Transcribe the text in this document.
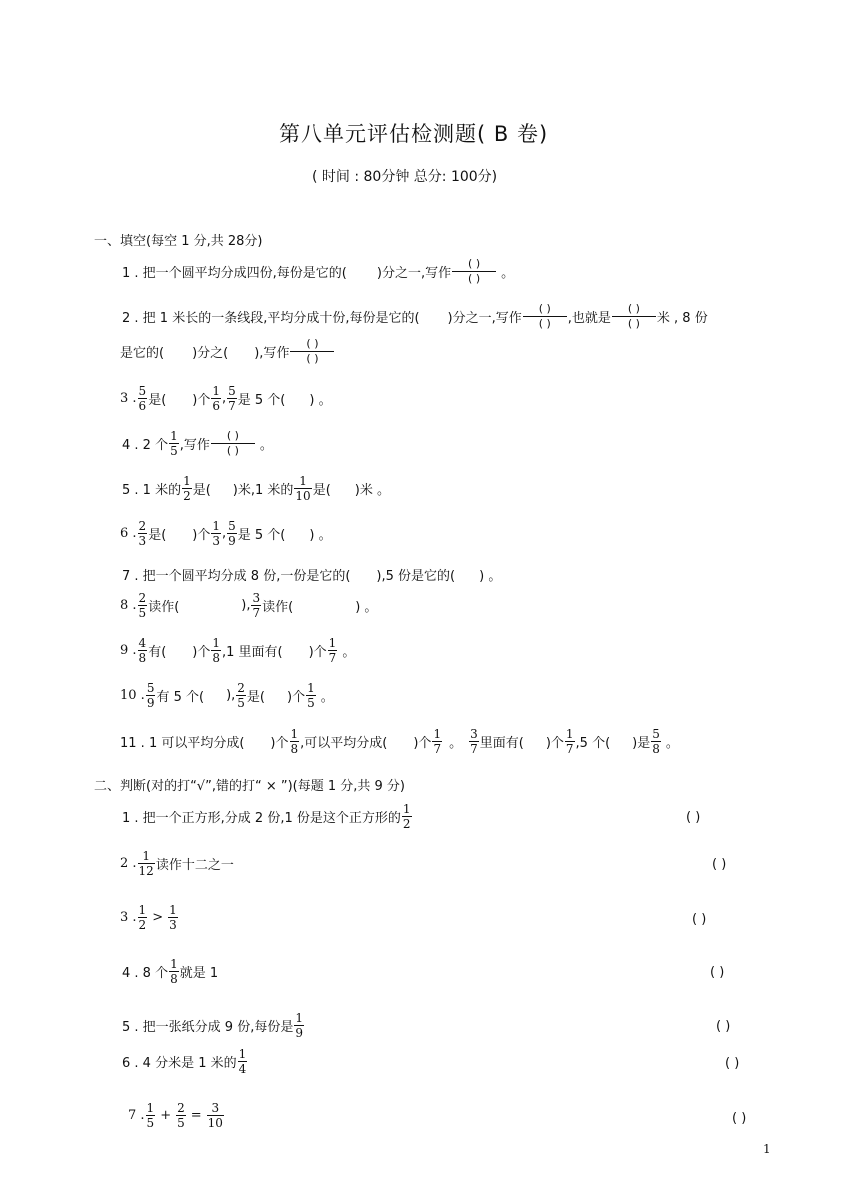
第八单元评估检测题( B 卷)
( 时间 : 80分钟 总分: 100分)
一、填空(每空 1 分,共 28分)
1 . 把一个圆平均分成四份,每份是它的( )分之一,写作
( )
( ) 。
2 . 把 1 米长的一条线段,平均分成十份,每份是它的( )分之一,写作
( )
( ) ,也就是
( )
( ) 米 , 8 份
是它的( )分之( ),写作
( )
( )
3 . $\frac{5}{6}$ 是( )个 $\frac{1}{6}$ , $\frac{5}{7}$ 是 5 个( ) 。
4 . 2 个 $\frac{1}{5}$ ,写作
( )
( ) 。
5 . 1 米的 $\frac{1}{2}$ 是( )米,1 米的 $\frac{1}{10}$ 是( )米 。
6 . $\frac{2}{3}$ 是( )个 $\frac{1}{3}$ , $\frac{5}{9}$ 是 5 个( ) 。
7 . 把一个圆平均分成 8 份,一份是它的( ),5 份是它的( ) 。
8 . $\frac{2}{5}$ 读作(	), $\frac{3}{7}$ 读作(	) 。
9 . $\frac{4}{8}$ 有( )个 $\frac{1}{8} ,1$ 里面有( )个 $\frac{1}{7}$ 。
10 . $\frac{5}{9}$ 有 5 个( ), $\frac{2}{5}$ 是( )个 $\frac{1}{5}$ 。
11 . 1 可以平均分成( )个 $\frac{1}{8}$ ,可以平均分成( )个 $\frac{1}{7}$ 。 $\frac{3}{7}$ 里面有( )个 $\frac{1}{7} ,5$ 个( )是 $\frac{5}{8}$ 。
二、判断(对的打“√”,错的打“ × ”)(每题 1 分,共 9 分)
1 . 把一个正方形,分成 2 份,1 份是这个正方形的 $\frac{1}{2}$	( )
2 . $\frac{1}{12}$ 读作十二之一	( )
3 . $\frac{1}{2} > \frac{1}{3}$	( )
4 . 8 个 $\frac{1}{8}$ 就是 1	( )
5 . 把一张纸分成 9 份,每份是 $\frac{1}{9}$	( )
6 . 4 分米是 1 米的 $\frac{1}{4}$	( )
7 . $\frac{1}{5} + \frac{2}{5} = \frac{3}{10}$	( )
1
